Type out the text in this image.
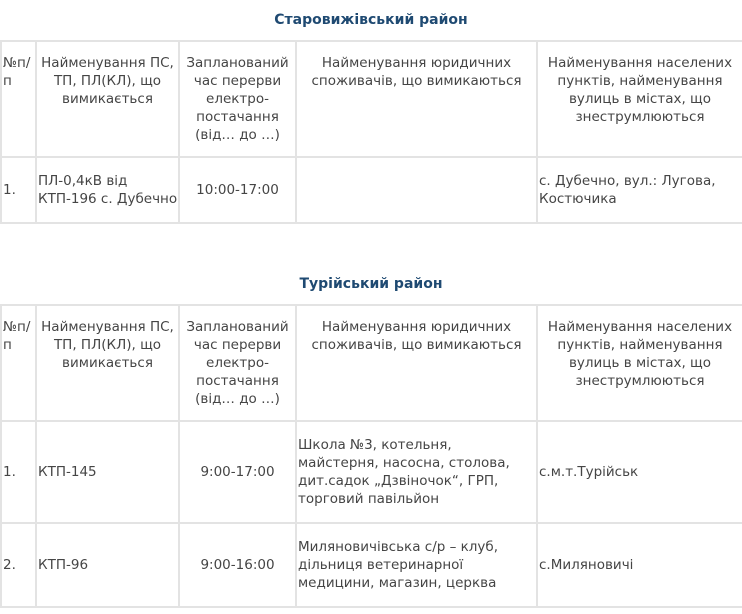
Старовижівський район
№п/п	Найменування ПС, ТП, ПЛ(КЛ), що вимикається	Запланований час перерви електро-постачання (від… до …)	Найменування юридичних споживачів, що вимикаються	Найменування населених пунктів, найменування вулиць в містах, що знеструмлюються
1.	ПЛ-0,4кВ від КТП-196 с. Дубечно	10:00-17:00		с. Дубечно, вул.: Лугова, Костючика
Турійський район
№п/п	Найменування ПС, ТП, ПЛ(КЛ), що вимикається	Запланований час перерви електро-постачання (від… до …)	Найменування юридичних споживачів, що вимикаються	Найменування населених пунктів, найменування вулиць в містах, що знеструмлюються
1.	КТП-145	9:00-17:00	Школа №3, котельня, майстерня, насосна, столова, дит.садок „Дзвіночок“, ГРП, торговий павільйон	с.м.т.Турійськ
2.	КТП-96	9:00-16:00	Миляновичівська с/р – клуб, дільниця ветеринарної медицини, магазин, церква	с.Миляновичі
